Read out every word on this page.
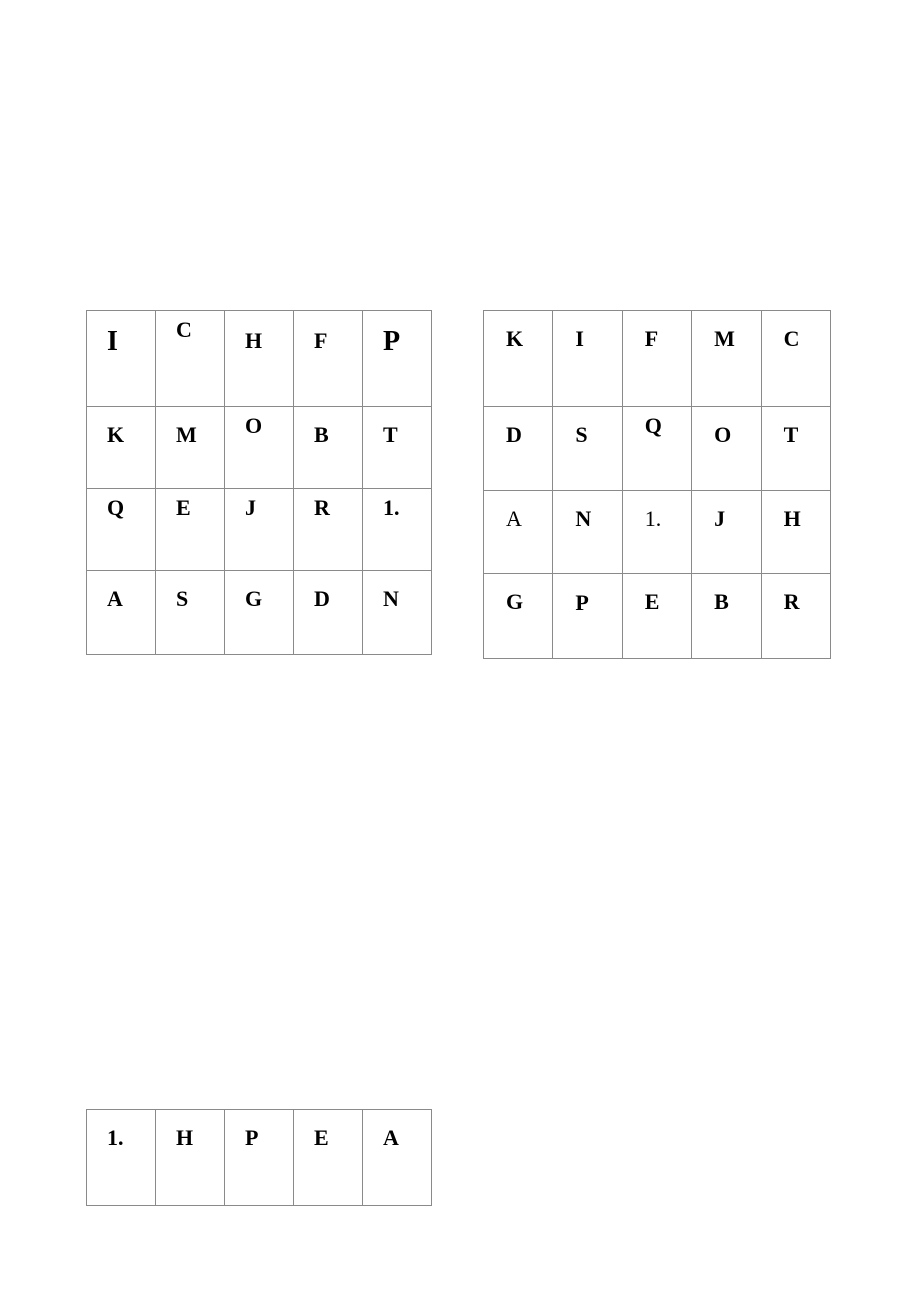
I	C	H	F	P

K	M	O	B	T

Q	E	J	R	1.

A	S	G	D	N
K	I	F	M	C

D	S	Q	O	T

A	N	1.	J	H

G	P	E	B	R
1.	H	P	E	A
